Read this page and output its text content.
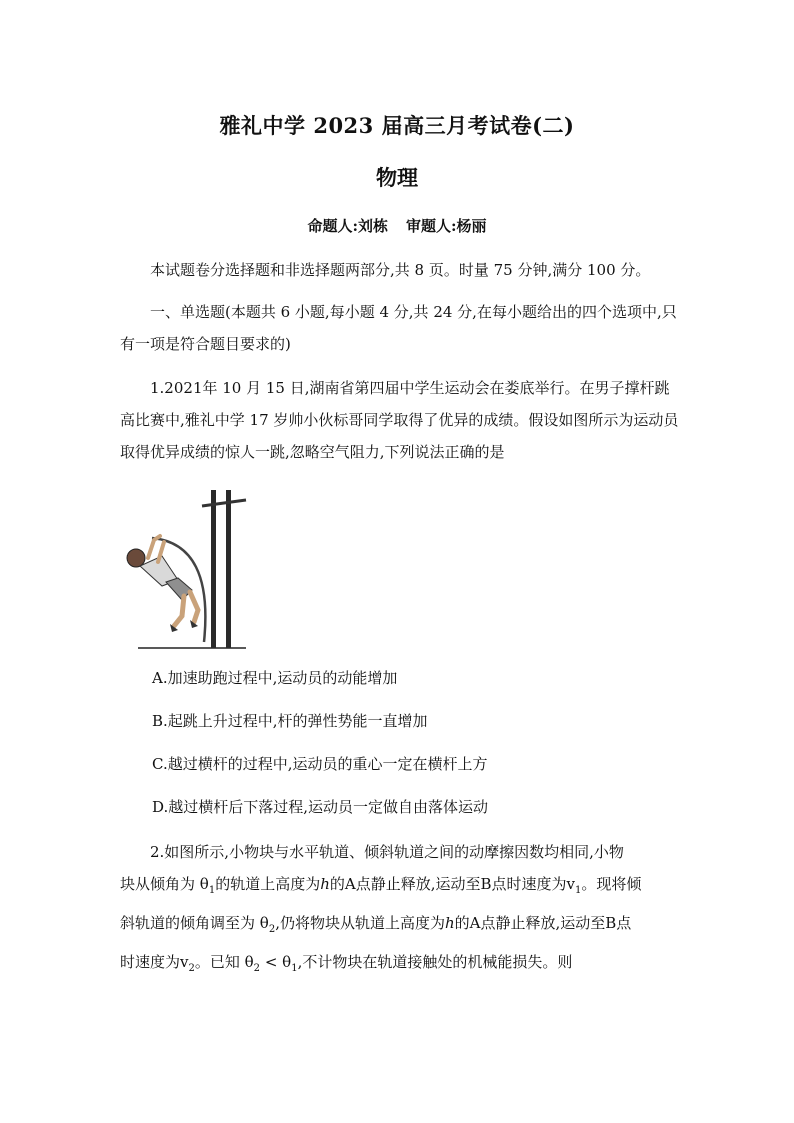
雅礼中学 2023 届高三月考试卷(二)
物理
命题人:刘栋 审题人:杨丽
本试题卷分选择题和非选择题两部分,共 8 页。时量 75 分钟,满分 100 分。
一、单选题(本题共 6 小题,每小题 4 分,共 24 分,在每小题给出的四个选项中,只有一项是符合题目要求的)
1.2021年 10 月 15 日,湖南省第四届中学生运动会在娄底举行。在男子撑杆跳高比赛中,雅礼中学 17 岁帅小伙标哥同学取得了优异的成绩。假设如图所示为运动员取得优异成绩的惊人一跳,忽略空气阻力,下列说法正确的是
A.加速助跑过程中,运动员的动能增加
B.起跳上升过程中,杆的弹性势能一直增加
C.越过横杆的过程中,运动员的重心一定在横杆上方
D.越过横杆后下落过程,运动员一定做自由落体运动
2.如图所示,小物块与水平轨道、倾斜轨道之间的动摩擦因数均相同,小物
块从倾角为 $\theta_1$的轨道上高度为h的A点静止释放,运动至B点时速度为$v_1$。现将倾
斜轨道的倾角调至为 $\theta_2$,仍将物块从轨道上高度为h的A点静止释放,运动至B点
时速度为$v_2$。已知 $\theta_2 < \theta_1$,不计物块在轨道接触处的机械能损失。则
